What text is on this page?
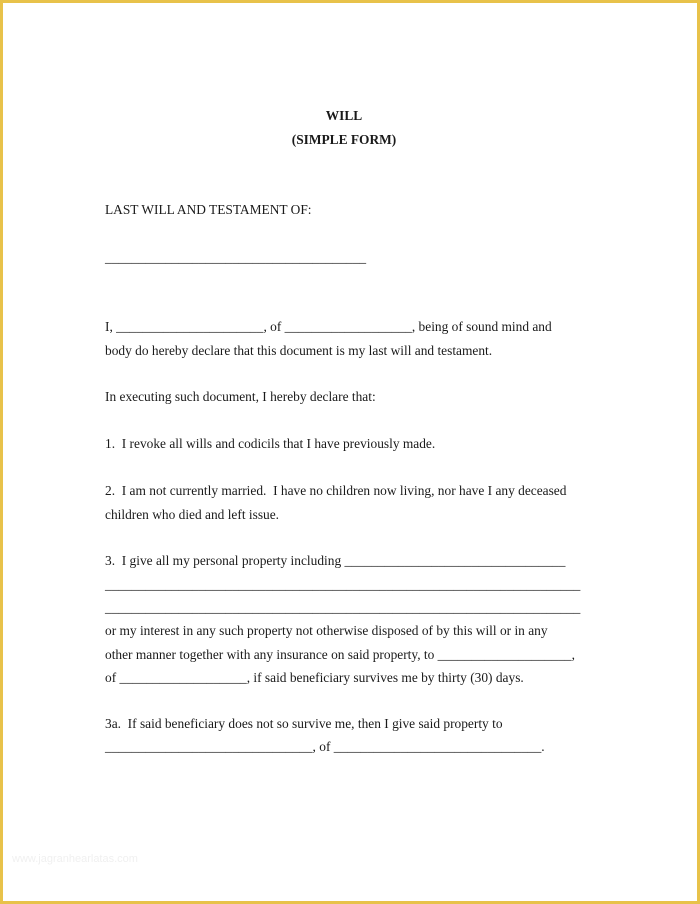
WILL
(SIMPLE FORM)
LAST WILL AND TESTAMENT OF:
_______________________________________
I, ______________________, of ___________________, being of sound mind and
body do hereby declare that this document is my last will and testament.
In executing such document, I hereby declare that:
1.  I revoke all wills and codicils that I have previously made.
2.  I am not currently married.  I have no children now living, nor have I any deceased
children who died and left issue.
3.  I give all my personal property including _________________________________
_______________________________________________________________________
_______________________________________________________________________
or my interest in any such property not otherwise disposed of by this will or in any
other manner together with any insurance on said property, to ____________________,
of ___________________, if said beneficiary survives me by thirty (30) days.
3a.  If said beneficiary does not so survive me, then I give said property to
_______________________________, of _______________________________.
www.jagranhearlatas.com
